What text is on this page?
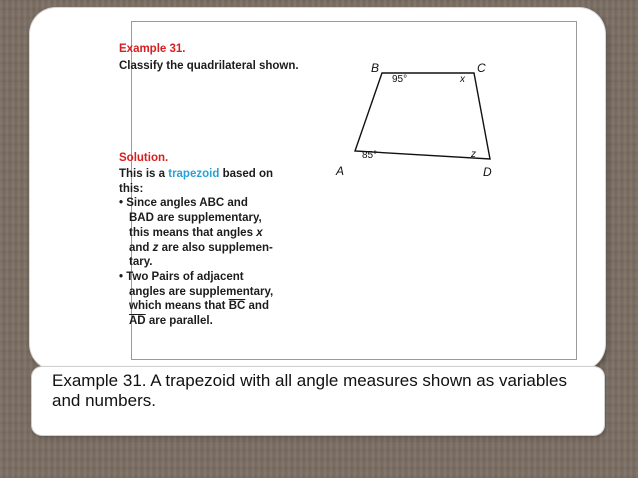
Example 31.
Classify the quadrilateral shown.	B	C
A	D
95°	x
85°	z
Solution.
This is a trapezoid based on
this:
• Since angles ABC and
BAD are supplementary,
this means that angles x
and z are also supplemen-
tary.
• Two Pairs of adjacent
angles are supplementary,
which means that $\overline{BC}$ and
$\overline{AD}$ are parallel.
Example 31. A trapezoid with all angle measures shown as variables and numbers.
